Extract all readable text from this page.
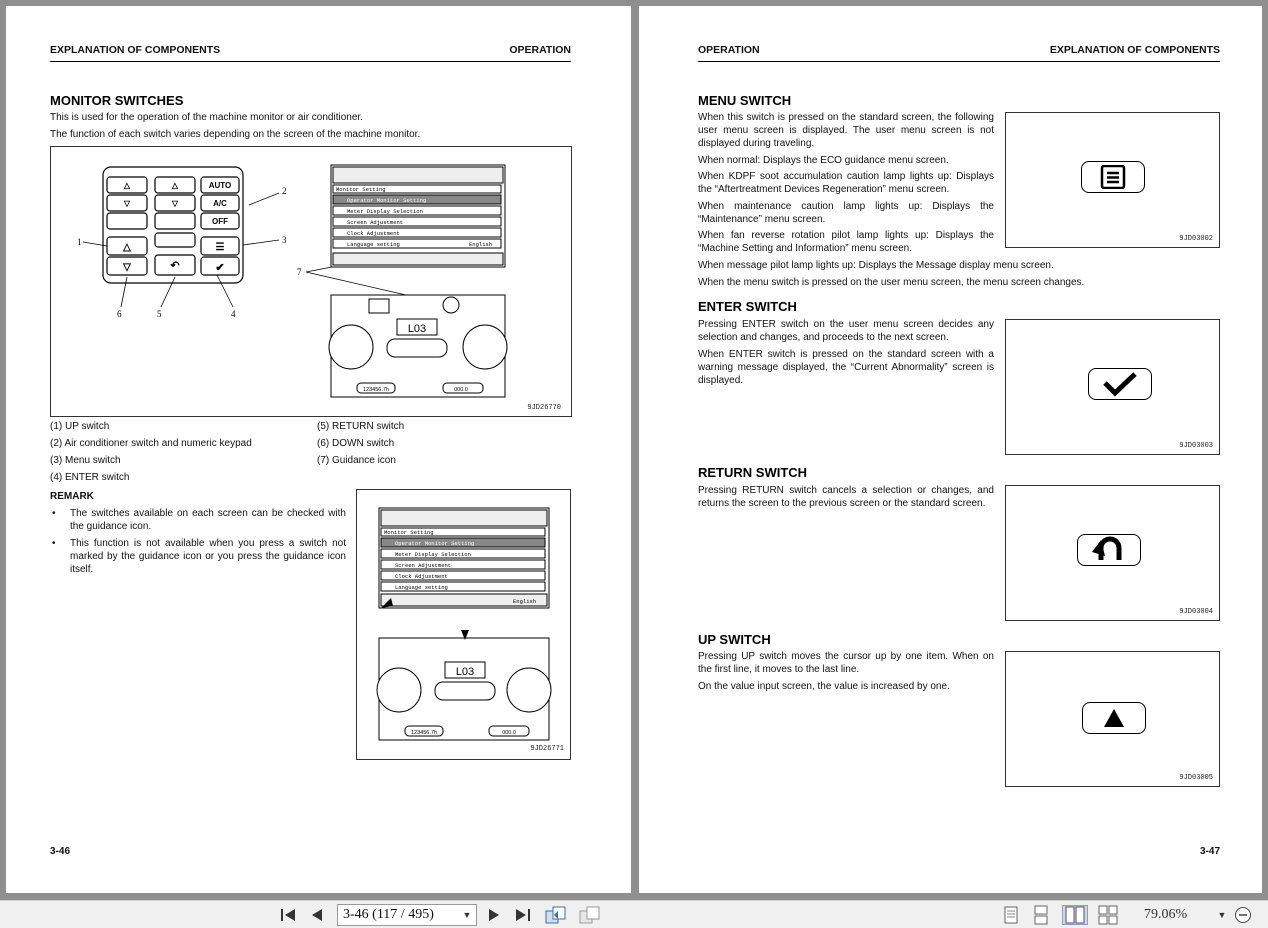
EXPLANATION OF COMPONENTS	OPERATION
MONITOR SWITCHES
This is used for the operation of the machine monitor or air conditioner.
The function of each switch varies depending on the screen of the machine monitor.
△
▽
△
▽
AUTO
A/C
OFF
△
▽
☰
✔
↶
2
1	3
4
5
6
7
Monitor Setting
Operator Monitor Setting
Meter Display Selection
Screen Adjustment
Clock Adjustment
Language setting	English
L03
123456.7h	000.0
9JD26770
(1) UP switch
(2) Air conditioner switch and numeric keypad
(3) Menu switch
(4) ENTER switch
(5) RETURN switch
(6) DOWN switch
(7) Guidance icon
REMARK
• The switches available on each screen can be checked with the guidance icon.
• This function is not available when you press a switch not marked by the guidance icon or you press the guidance icon itself.
Monitor Setting
Operator Monitor Setting
Meter Display Selection
Screen Adjustment
Clock Adjustment
Language setting
English
L03
123456.7h	000.0
9JD26771
3-46
OPERATION	EXPLANATION OF COMPONENTS
MENU SWITCH
When this switch is pressed on the standard screen, the following user menu screen is displayed. The user menu screen is not displayed during traveling.
When normal: Displays the ECO guidance menu screen.
When KDPF soot accumulation caution lamp lights up: Displays the “Aftertreatment Devices Regeneration” menu screen.
When maintenance caution lamp lights up: Displays the “Maintenance” menu screen.
When fan reverse rotation pilot lamp lights up: Displays the “Machine Setting and Information” menu screen.
When message pilot lamp lights up: Displays the Message display menu screen.
When the menu switch is pressed on the user menu screen, the menu screen changes.
9JD03002
ENTER SWITCH
Pressing ENTER switch on the user menu screen decides any selection and changes, and proceeds to the next screen.
When ENTER switch is pressed on the standard screen with a warning message displayed, the “Current Abnormality” screen is displayed.
9JD03003
RETURN SWITCH
Pressing RETURN switch cancels a selection or changes, and returns the screen to the previous screen or the standard screen.
9JD03004
UP SWITCH
Pressing UP switch moves the cursor up by one item. When on the first line, it moves to the last line.
On the value input screen, the value is increased by one.
9JD03005
3-47
3-46 (117 / 495)	▼	79.06%	▼
